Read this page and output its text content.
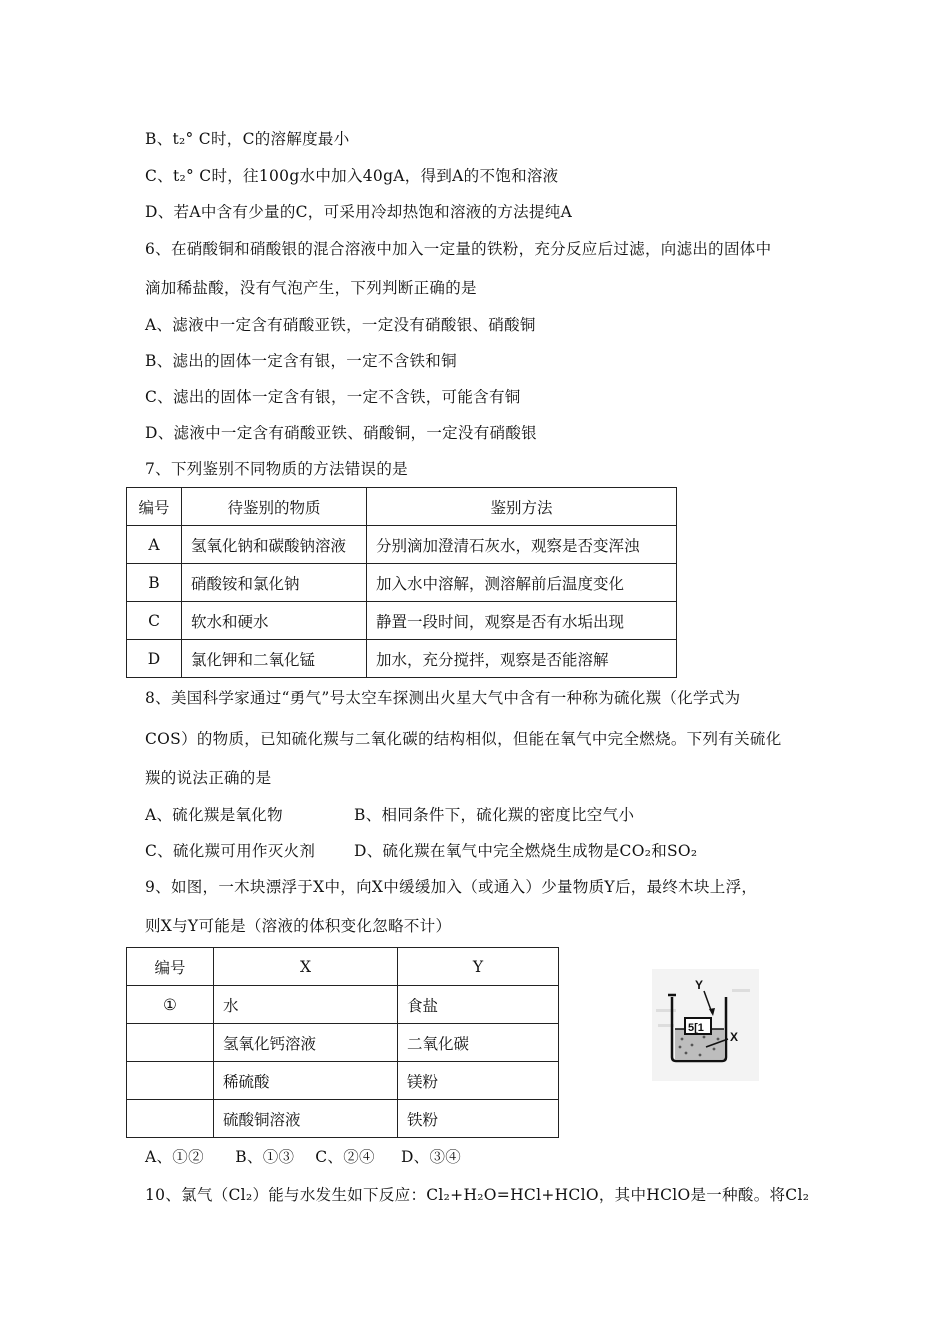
B、t₂° C时，C的溶解度最小
C、t₂° C时，往100g水中加入40gA，得到A的不饱和溶液
D、若A中含有少量的C，可采用冷却热饱和溶液的方法提纯A
6、在硝酸铜和硝酸银的混合溶液中加入一定量的铁粉，充分反应后过滤，向滤出的固体中
滴加稀盐酸，没有气泡产生，下列判断正确的是
A、滤液中一定含有硝酸亚铁，一定没有硝酸银、硝酸铜
B、滤出的固体一定含有银，一定不含铁和铜
C、滤出的固体一定含有银，一定不含铁，可能含有铜
D、滤液中一定含有硝酸亚铁、硝酸铜，一定没有硝酸银
7、下列鉴别不同物质的方法错误的是
编号	待鉴别的物质	鉴别方法
A	氢氧化钠和碳酸钠溶液	分别滴加澄清石灰水，观察是否变浑浊
B	硝酸铵和氯化钠	加入水中溶解，测溶解前后温度变化
C	软水和硬水	静置一段时间，观察是否有水垢出现
D	氯化钾和二氧化锰	加水，充分搅拌，观察是否能溶解
8、美国科学家通过“勇气”号太空车探测出火星大气中含有一种称为硫化羰（化学式为
COS）的物质，已知硫化羰与二氧化碳的结构相似，但能在氧气中完全燃烧。下列有关硫化
羰的说法正确的是
A、硫化羰是氧化物	B、相同条件下，硫化羰的密度比空气小
C、硫化羰可用作灭火剂	D、硫化羰在氧气中完全燃烧生成物是CO₂和SO₂
9、如图，一木块漂浮于X中，向X中缓缓加入（或通入）少量物质Y后，最终木块上浮，
则X与Y可能是（溶液的体积变化忽略不计）
编号	X	Y
①	水	食盐
	氢氧化钙溶液	二氧化碳
	稀硫酸	镁粉
	硫酸铜溶液	铁粉
5[1
Y
X
A、①②      B、①③    C、②④     D、③④
10、氯气（Cl₂）能与水发生如下反应：Cl₂+H₂O=HCl+HClO，其中HClO是一种酸。将Cl₂
